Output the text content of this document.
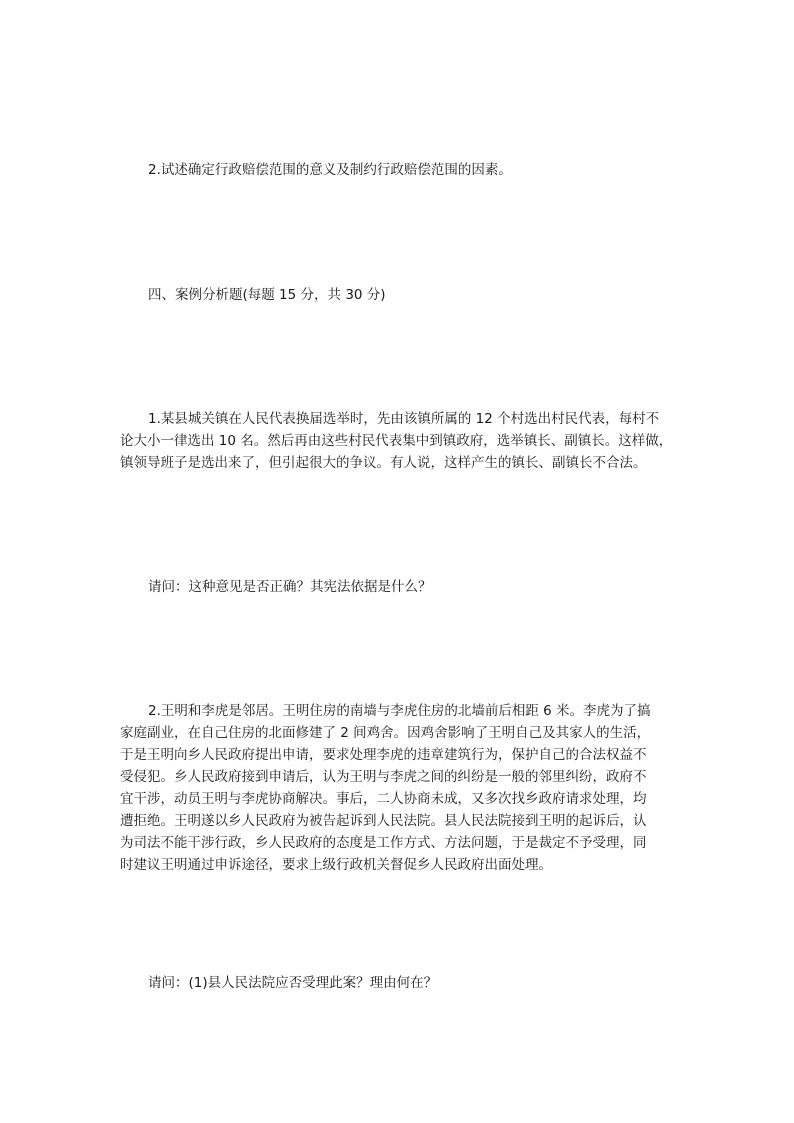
2.试述确定行政赔偿范围的意义及制约行政赔偿范围的因素。
四、案例分析题(每题 15 分，共 30 分)
1.某县城关镇在人民代表换届选举时，先由该镇所属的 12 个村选出村民代表，每村不
论大小一律选出 10 名。然后再由这些村民代表集中到镇政府，选举镇长、副镇长。这样做，
镇领导班子是选出来了，但引起很大的争议。有人说，这样产生的镇长、副镇长不合法。
请问：这种意见是否正确？其宪法依据是什么？
2.王明和李虎是邻居。王明住房的南墙与李虎住房的北墙前后相距 6 米。李虎为了搞
家庭副业，在自己住房的北面修建了 2 间鸡舍。因鸡舍影响了王明自己及其家人的生活，
于是王明向乡人民政府提出申请，要求处理李虎的违章建筑行为，保护自己的合法权益不
受侵犯。乡人民政府接到申请后，认为王明与李虎之间的纠纷是一般的邻里纠纷，政府不
宜干涉，动员王明与李虎协商解决。事后，二人协商未成，又多次找乡政府请求处理，均
遭拒绝。王明遂以乡人民政府为被告起诉到人民法院。县人民法院接到王明的起诉后，认
为司法不能干涉行政，乡人民政府的态度是工作方式、方法问题，于是裁定不予受理，同
时建议王明通过申诉途径，要求上级行政机关督促乡人民政府出面处理。
请问：(1)县人民法院应否受理此案？理由何在？
